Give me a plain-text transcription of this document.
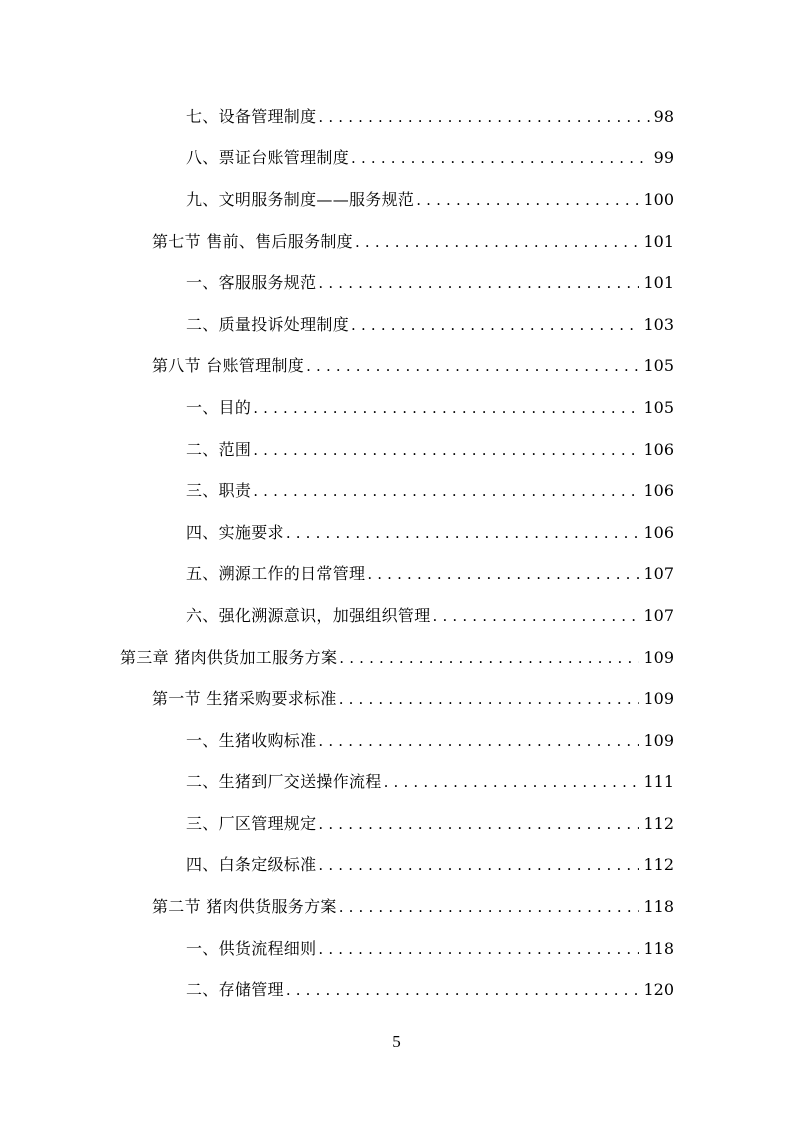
七、设备管理制度 . . .	98
八、票证台账管理制度 . . .	99
九、文明服务制度——服务规范 . . .	100
第七节 售前、售后服务制度 . . .	101
一、客服服务规范 . . .	101
二、质量投诉处理制度 . . .	103
第八节 台账管理制度 . . .	105
一、目的 . . .	105
二、范围 . . .	106
三、职责 . . .	106
四、实施要求 . . .	106
五、溯源工作的日常管理 . . .	107
六、强化溯源意识，加强组织管理 . . .	107
第三章 猪肉供货加工服务方案 . . .	109
第一节 生猪采购要求标准 . . .	109
一、生猪收购标准 . . .	109
二、生猪到厂交送操作流程 . . .	111
三、厂区管理规定 . . .	112
四、白条定级标准 . . .	112
第二节 猪肉供货服务方案 . . .	118
一、供货流程细则 . . .	118
二、存储管理 . . .	120
5
